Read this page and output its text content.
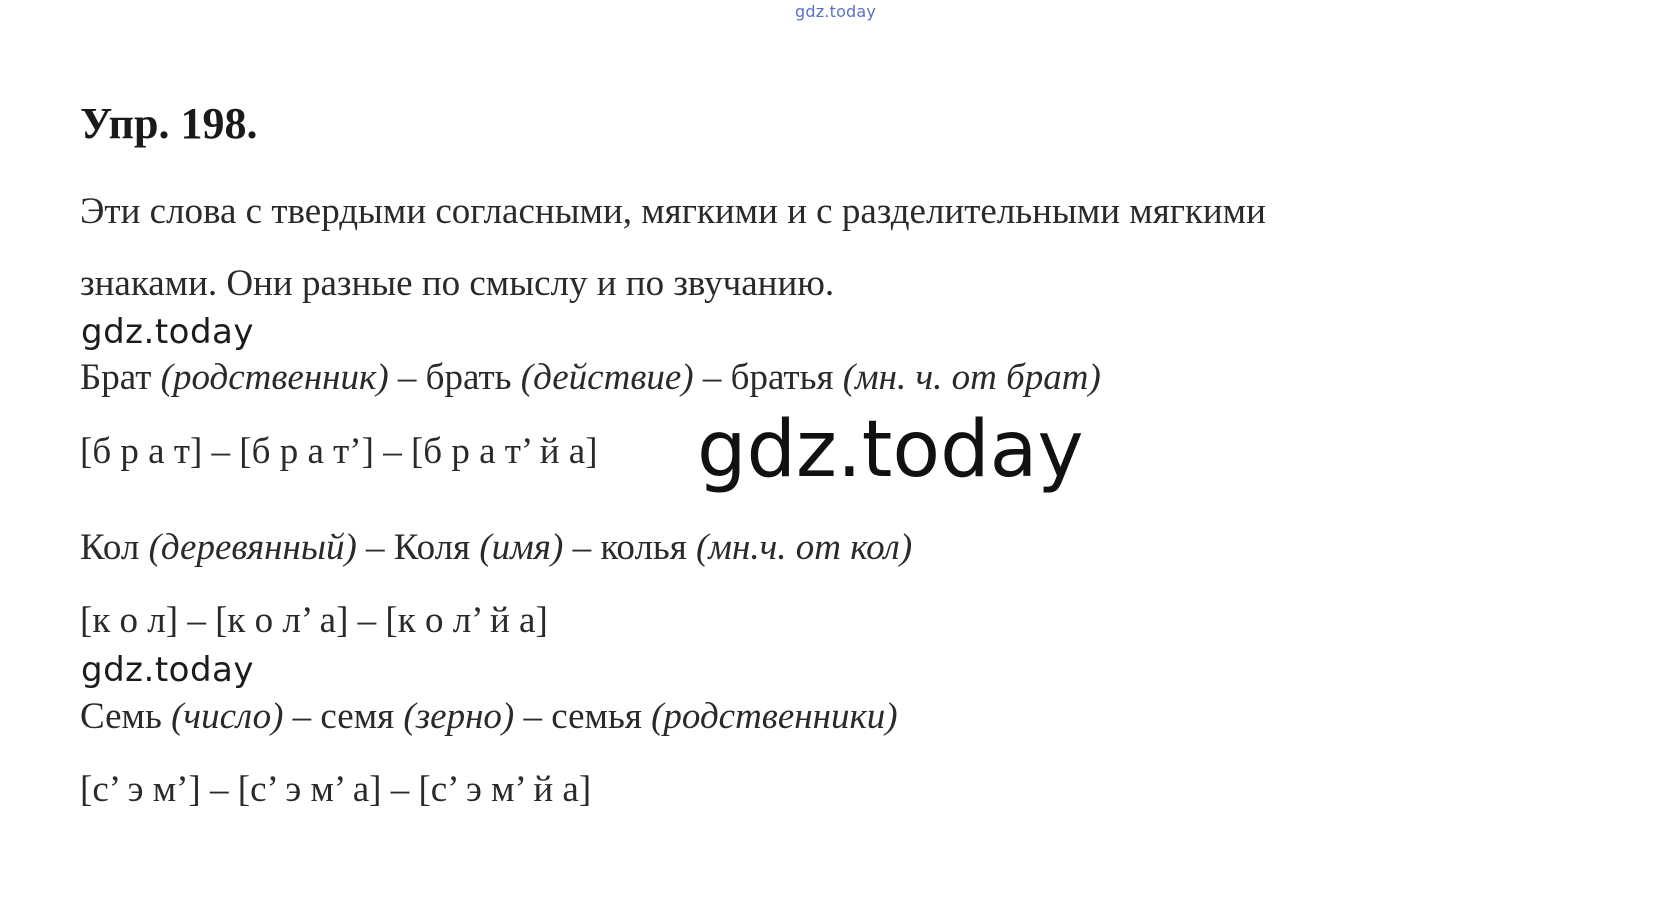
gdz.today
Упр. 198.
Эти слова с твердыми согласными, мягкими и с разделительными мягкими
знаками. Они разные по смыслу и по звучанию.
gdz.today
Брат (родственник) – брать (действие) – братья (мн. ч. от брат)
[б р а т] – [б р а т’] – [б р а т’ й а] gdz.today
Кол (деревянный) – Коля (имя) – колья (мн.ч. от кол)
[к о л] – [к о л’ а] – [к о л’ й а]
gdz.today
Семь (число) – семя (зерно) – семья (родственники)
[с’ э м’] – [с’ э м’ а] – [с’ э м’ й а]
